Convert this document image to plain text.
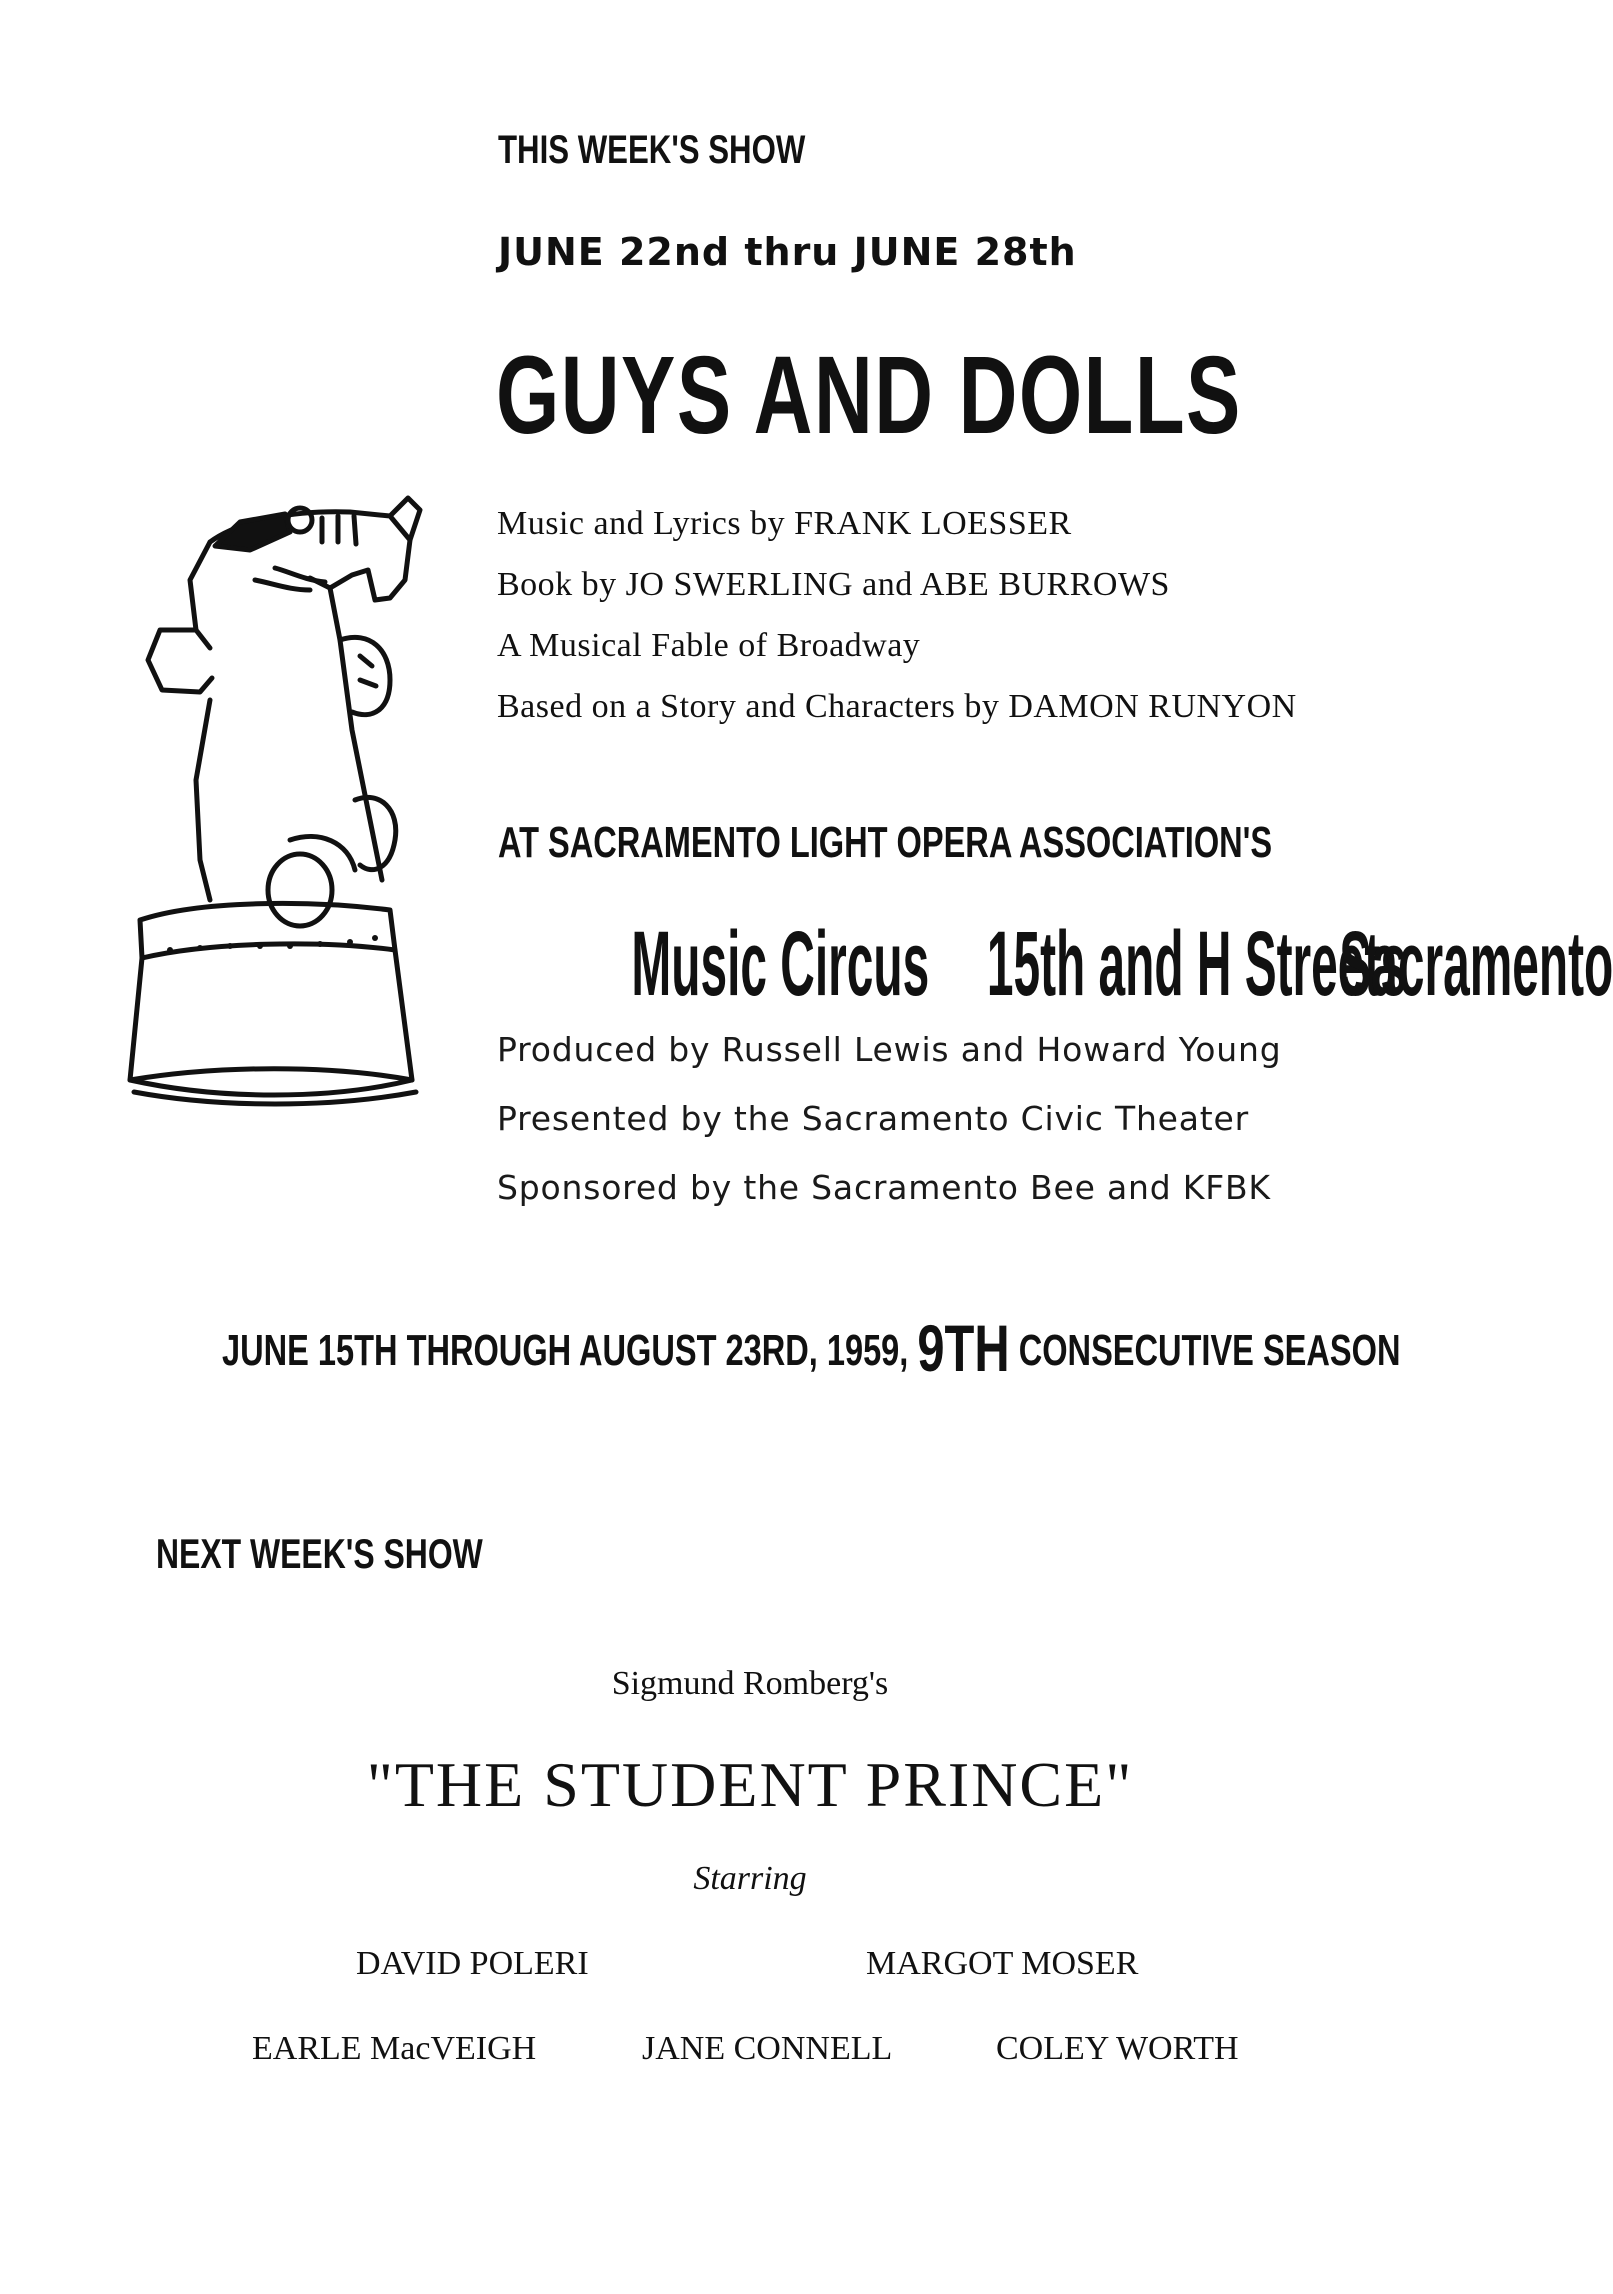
THIS WEEK'S SHOW
JUNE 22nd thru JUNE 28th
GUYS AND DOLLS
Music and Lyrics by FRANK LOESSER
Book by JO SWERLING and ABE BURROWS
A Musical Fable of Broadway
Based on a Story and Characters by DAMON RUNYON
AT SACRAMENTO LIGHT OPERA ASSOCIATION'S
Music Circus 15th and H Streets
Sacramento
Produced by Russell Lewis and Howard Young
Presented by the Sacramento Civic Theater
Sponsored by the Sacramento Bee and KFBK
JUNE 15TH THROUGH AUGUST 23RD, 1959, 9TH CONSECUTIVE SEASON
NEXT WEEK'S SHOW
Sigmund Romberg's
"THE STUDENT PRINCE"
Starring
DAVID POLERI	MARGOT MOSER
EARLE MacVEIGH	JANE CONNELL	COLEY WORTH
